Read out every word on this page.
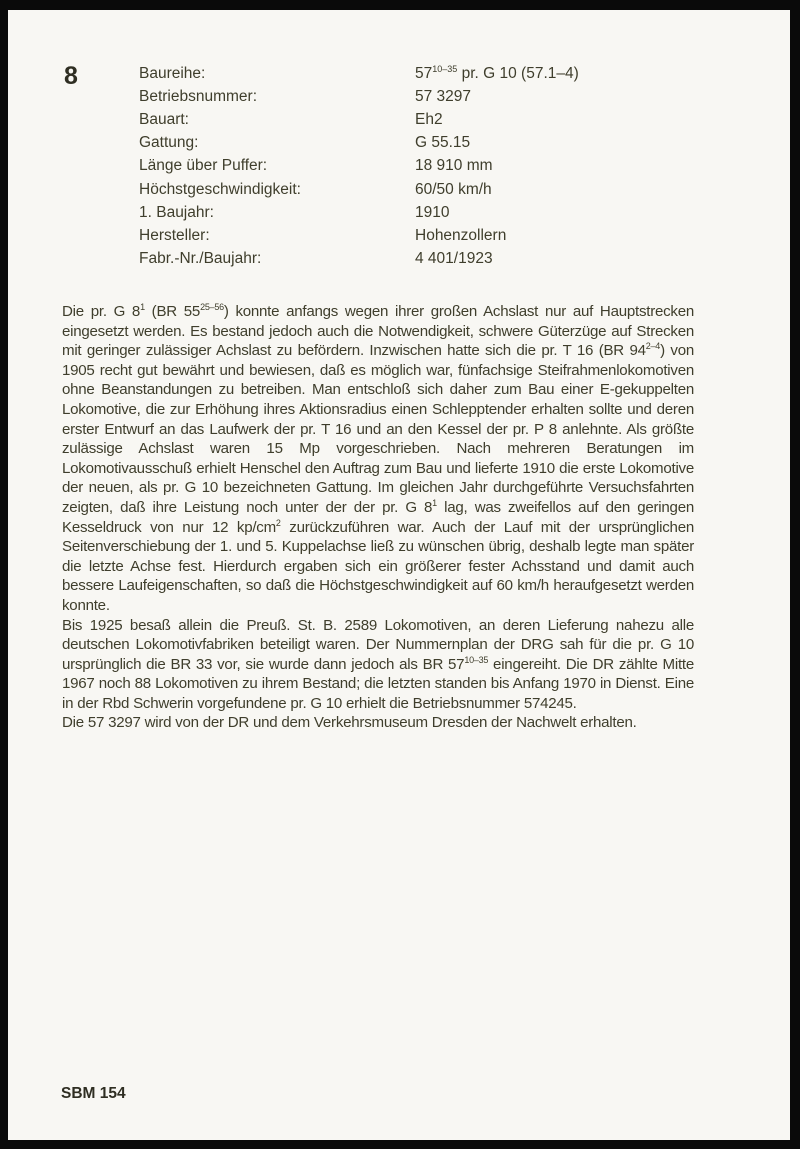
8	Baureihe:	57$^{10-35}$ pr. G 10 (57.1–4)
Betriebsnummer:	57 3297
Bauart:	Eh2
Gattung:	G 55.15
Länge über Puffer:	18 910 mm
Höchstgeschwindigkeit:	60/50 km/h
1. Baujahr:	1910
Hersteller:	Hohenzollern
Fabr.-Nr./Baujahr:	4 401/1923

Die pr. G $8^1$ (BR 55$^{25-56}$) konnte anfangs wegen ihrer großen Achslast nur auf Hauptstrecken eingesetzt werden. Es bestand jedoch auch die Notwendigkeit, schwere Güterzüge auf Strecken mit geringer zulässiger Achslast zu befördern. Inzwischen hatte sich die pr. T 16 (BR 94$^{2-4}$) von 1905 recht gut bewährt und bewiesen, daß es möglich war, fünfachsige Steifrahmenlokomotiven ohne Beanstandungen zu betreiben. Man entschloß sich daher zum Bau einer E-gekuppelten Lokomotive, die zur Erhöhung ihres Aktionsradius einen Schlepptender erhalten sollte und deren erster Entwurf an das Laufwerk der pr. T 16 und an den Kessel der pr. P 8 anlehnte. Als größte zulässige Achslast waren 15 Mp vorgeschrieben. Nach mehreren Beratungen im Lokomotivausschuß erhielt Henschel den Auftrag zum Bau und lieferte 1910 die erste Lokomotive der neuen, als pr. G 10 bezeichneten Gattung. Im gleichen Jahr durchgeführte Versuchsfahrten zeigten, daß ihre Leistung noch unter der der pr. G $8^1$ lag, was zweifellos auf den geringen Kesseldruck von nur 12 $kp/cm^2$ zurückzuführen war. Auch der Lauf mit der ursprünglichen Seitenverschiebung der 1. und 5. Kuppelachse ließ zu wünschen übrig, deshalb legte man später die letzte Achse fest. Hierdurch ergaben sich ein größerer fester Achsstand und damit auch bessere Laufeigenschaften, so daß die Höchstgeschwindigkeit auf 60 km/h heraufgesetzt werden konnte.

Bis 1925 besaß allein die Preuß. St. B. 2589 Lokomotiven, an deren Lieferung nahezu alle deutschen Lokomotivfabriken beteiligt waren. Der Nummernplan der DRG sah für die pr. G 10 ursprünglich die BR 33 vor, sie wurde dann jedoch als BR 57$^{10-35}$ eingereiht. Die DR zählte Mitte 1967 noch 88 Lokomotiven zu ihrem Bestand; die letzten standen bis Anfang 1970 in Dienst. Eine in der Rbd Schwerin vorgefundene pr. G 10 erhielt die Betriebsnummer 574245.

Die 57 3297 wird von der DR und dem Verkehrsmuseum Dresden der Nachwelt erhalten.

SBM 154
